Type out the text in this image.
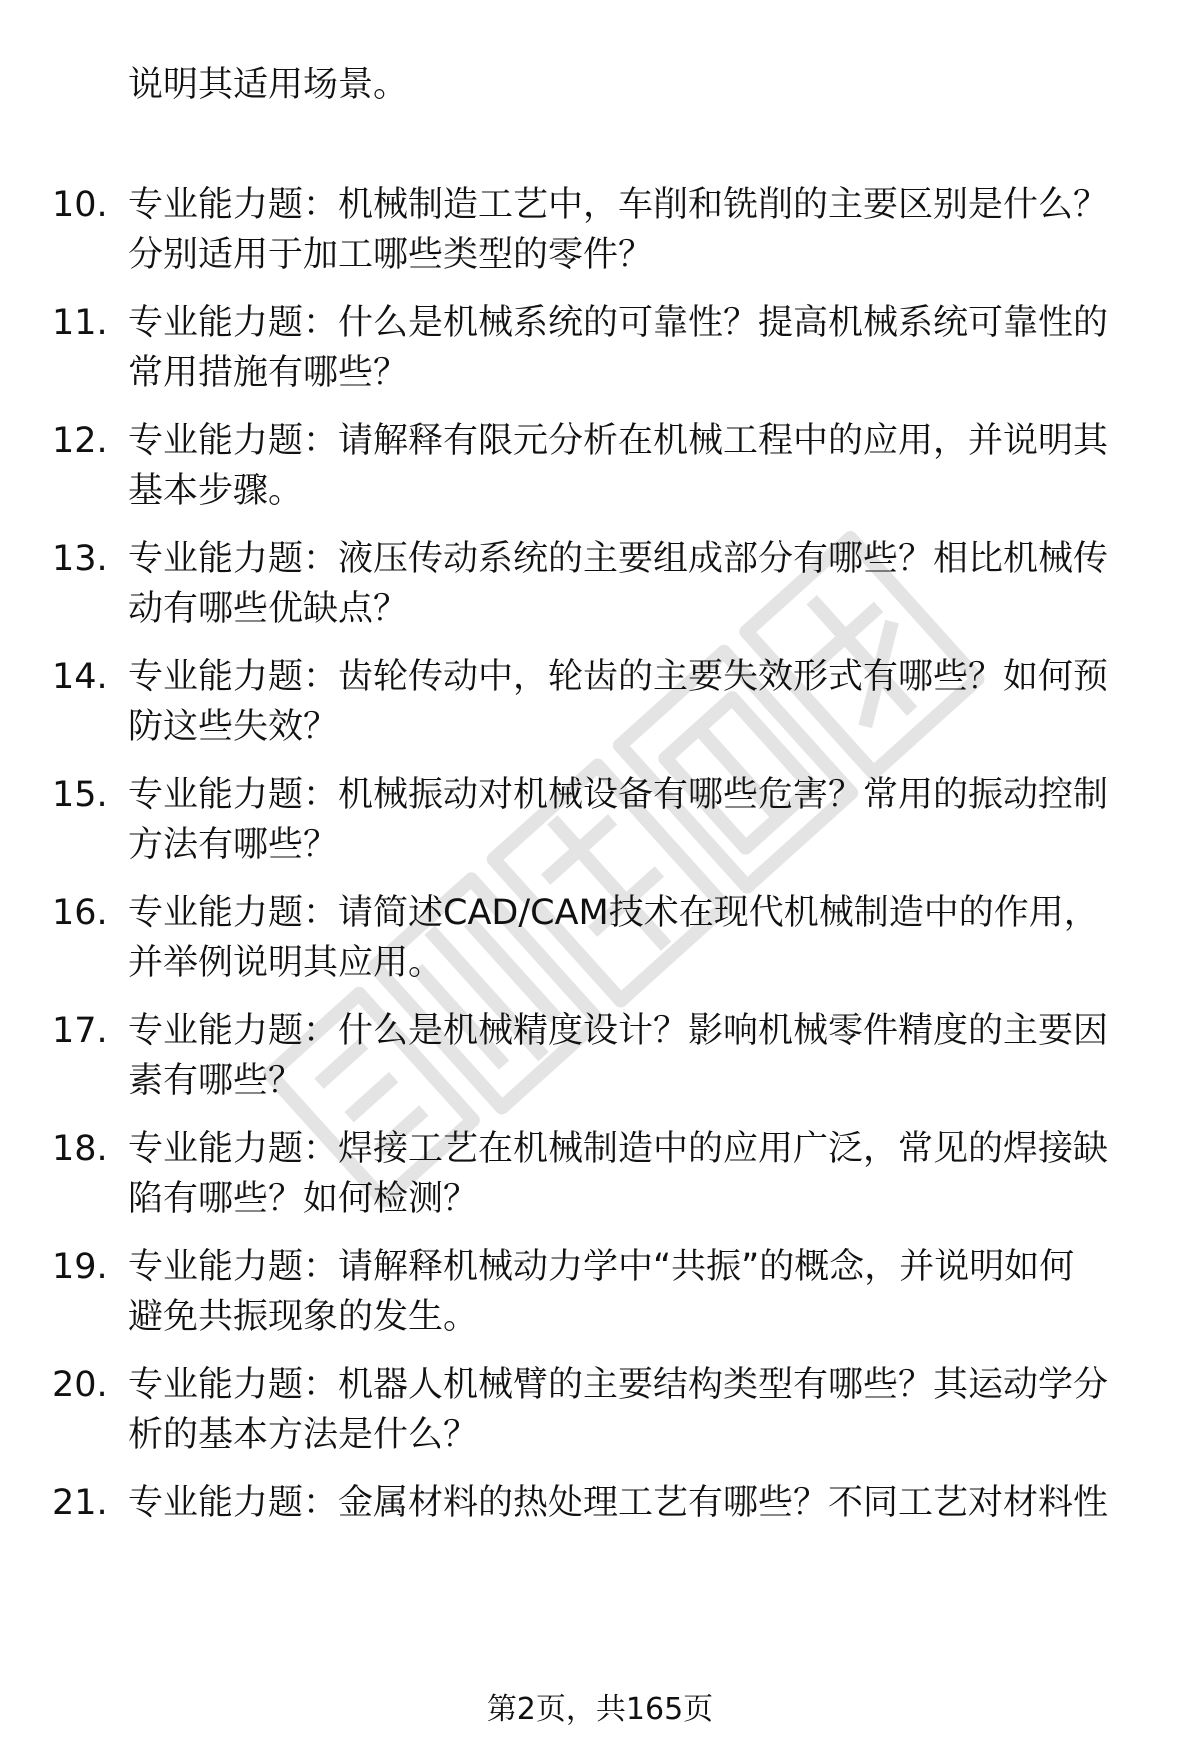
说明其适用场景。
10. 专业能力题：机械制造工艺中，车削和铣削的主要区别是什么？
分别适用于加工哪些类型的零件？
11. 专业能力题：什么是机械系统的可靠性？提高机械系统可靠性的
常用措施有哪些？
12. 专业能力题：请解释有限元分析在机械工程中的应用，并说明其
基本步骤。
13. 专业能力题：液压传动系统的主要组成部分有哪些？相比机械传
动有哪些优缺点？
14. 专业能力题：齿轮传动中，轮齿的主要失效形式有哪些？如何预
防这些失效？
15. 专业能力题：机械振动对机械设备有哪些危害？常用的振动控制
方法有哪些？
16. 专业能力题：请简述CAD/CAM技术在现代机械制造中的作用，
并举例说明其应用。
17. 专业能力题：什么是机械精度设计？影响机械零件精度的主要因
素有哪些？
18. 专业能力题：焊接工艺在机械制造中的应用广泛，常见的焊接缺
陷有哪些？如何检测？
19. 专业能力题：请解释机械动力学中“共振”的概念，并说明如何
避免共振现象的发生。
20. 专业能力题：机器人机械臂的主要结构类型有哪些？其运动学分
析的基本方法是什么？
21. 专业能力题：金属材料的热处理工艺有哪些？不同工艺对材料性
第2页，共165页
